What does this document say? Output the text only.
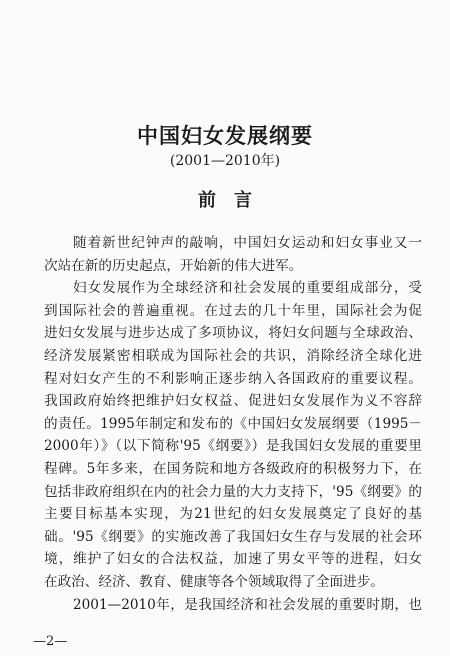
中国妇女发展纲要
(2001—2010年)
前言
随着新世纪钟声的敲响，中国妇女运动和妇女事业又一
次站在新的历史起点，开始新的伟大进军。
妇女发展作为全球经济和社会发展的重要组成部分，受
到国际社会的普遍重视。在过去的几十年里，国际社会为促
进妇女发展与进步达成了多项协议，将妇女问题与全球政治、
经济发展紧密相联成为国际社会的共识，消除经济全球化进
程对妇女产生的不利影响正逐步纳入各国政府的重要议程。
我国政府始终把维护妇女权益、促进妇女发展作为义不容辞
的责任。1995年制定和发布的《中国妇女发展纲要（1995－
2000年）》（以下简称'95《纲要》）是我国妇女发展的重要里
程碑。5年多来，在国务院和地方各级政府的积极努力下，在
包括非政府组织在内的社会力量的大力支持下，'95《纲要》的
主要目标基本实现，为21世纪的妇女发展奠定了良好的基
础。'95《纲要》的实施改善了我国妇女生存与发展的社会环
境，维护了妇女的合法权益，加速了男女平等的进程，妇女
在政治、经济、教育、健康等各个领域取得了全面进步。
2001—2010年，是我国经济和社会发展的重要时期，也
—2—
